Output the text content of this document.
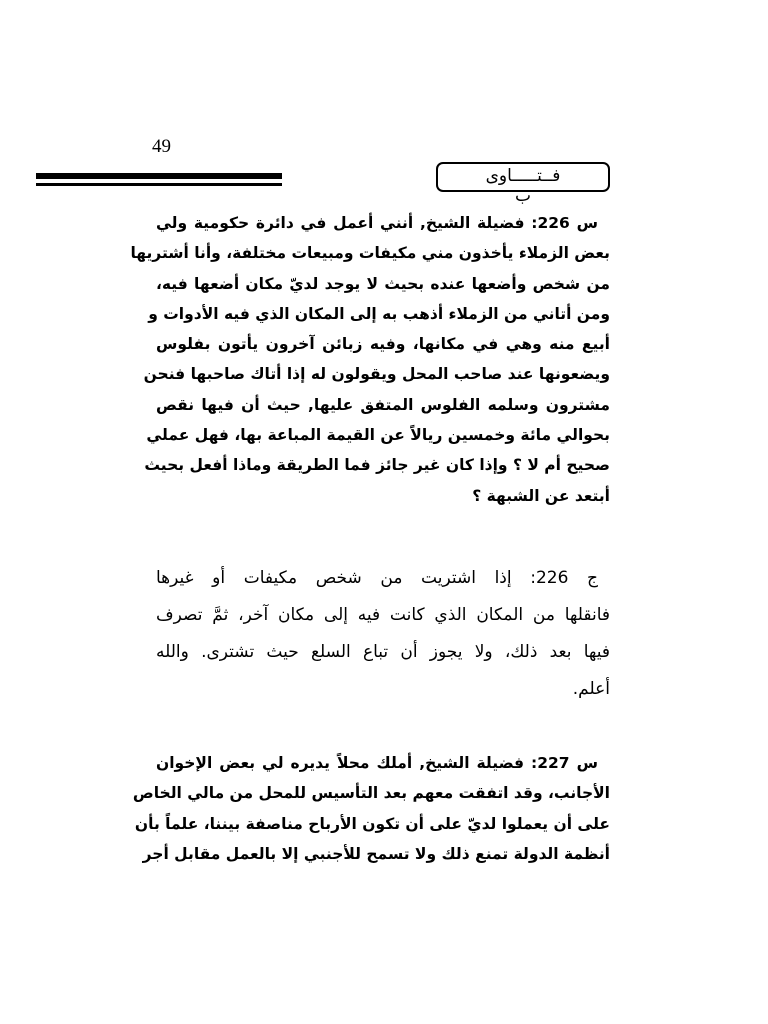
49
فــتـــــاوى
ب
س 226: فضيلة الشيخ, أنني أعمل في دائرة حكومية ولي
بعض الزملاء يأخذون مني مكيفات ومبيعات مختلفة، وأنا أشتريها
من شخص وأضعها عنده بحيث لا يوجد لديّ مكان أضعها فيه،
ومن أتاني من الزملاء أذهب به إلى المكان الذي فيه الأدوات و
أبيع منه وهي في مكانها، وفيه زبائن آخرون يأتون بفلوس
ويضعونها عند صاحب المحل ويقولون له إذا أتاك صاحبها فنحن
مشترون وسلمه الفلوس المتفق عليها, حيث أن فيها نقص
بحوالي مائة وخمسين ريالاً عن القيمة المباعة بها، فهل عملي
صحيح أم لا ؟ وإذا كان غير جائز فما الطريقة وماذا أفعل بحيث
أبتعد عن الشبهة ؟
ج 226: إذا اشتريت من شخص مكيفات أو غيرها
فانقلها من المكان الذي كانت فيه إلى مكان آخر، ثمَّ تصرف
فيها بعد ذلك، ولا يجوز أن تباع السلع حيث تشترى. والله
أعلم.
س 227: فضيلة الشيخ, أملك محلاً يديره لي بعض الإخوان
الأجانب، وقد اتفقت معهم بعد التأسيس للمحل من مالي الخاص
على أن يعملوا لديّ على أن تكون الأرباح مناصفة بيننا، علماً بأن
أنظمة الدولة تمنع ذلك ولا تسمح للأجنبي إلا بالعمل مقابل أجر
